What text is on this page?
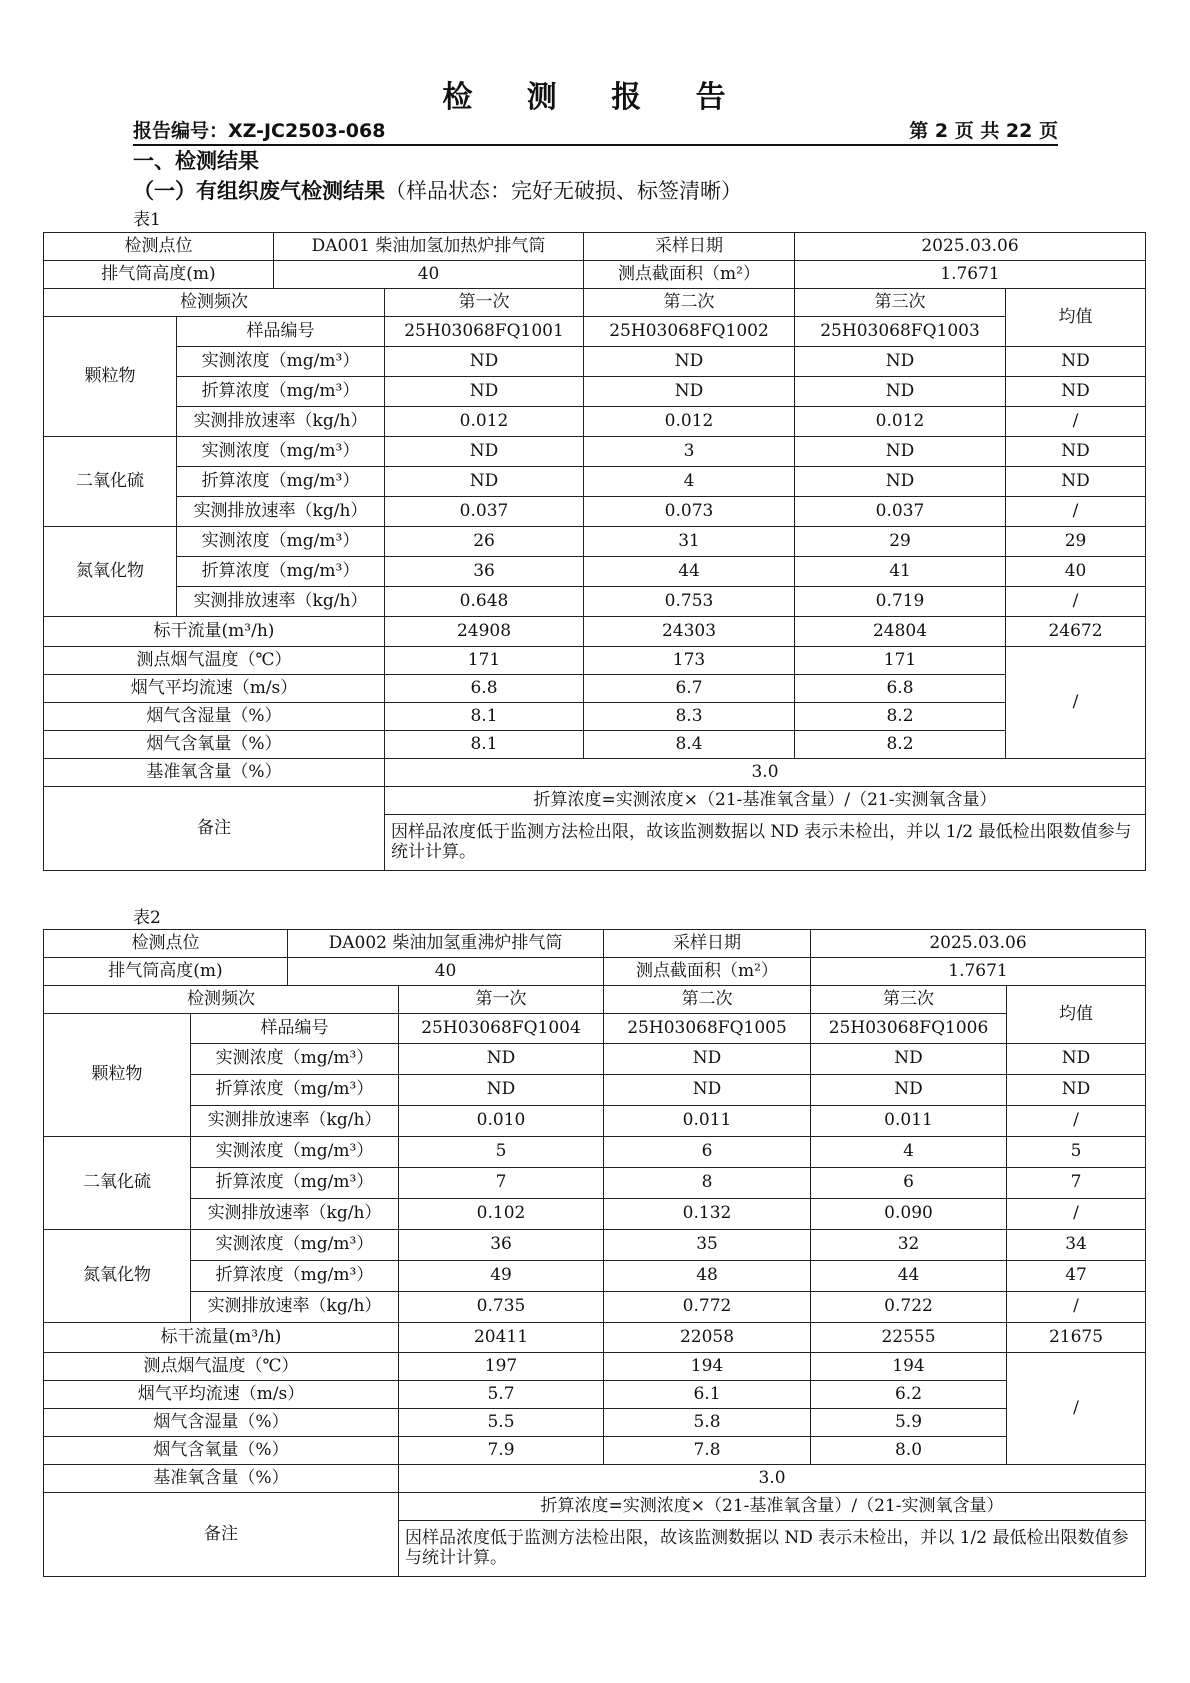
检 测 报 告
报告编号：XZ-JC2503-068	第 2 页 共 22 页
一、检测结果
（一）有组织废气检测结果（样品状态：完好无破损、标签清晰）
表1
表2
检测点位		DA001 柴油加氢加热炉排气筒		采样日期	2025.03.06	
排气筒高度(m)		40		测点截面积（m²）	1.7671	
检测频次			第一次	第二次	第三次	均值
颗粒物	样品编号		25H03068FQ1001	25H03068FQ1002	25H03068FQ1003	
	实测浓度（mg/m³）		ND	ND	ND	ND
	折算浓度（mg/m³）		ND	ND	ND	ND
	实测排放速率（kg/h）		0.012	0.012	0.012	/
二氧化硫	实测浓度（mg/m³）		ND	3	ND	ND
	折算浓度（mg/m³）		ND	4	ND	ND
	实测排放速率（kg/h）		0.037	0.073	0.037	/
氮氧化物	实测浓度（mg/m³）		26	31	29	29
	折算浓度（mg/m³）		36	44	41	40
	实测排放速率（kg/h）		0.648	0.753	0.719	/
标干流量(m³/h)			24908	24303	24804	24672
测点烟气温度（℃）			171	173	171	/
烟气平均流速（m/s）			6.8	6.7	6.8	
烟气含湿量（%）			8.1	8.3	8.2	
烟气含氧量（%）			8.1	8.4	8.2	
基准氧含量（%）			3.0			
备注			折算浓度=实测浓度×（21-基准氧含量）/（21-实测氧含量）			
			因样品浓度低于监测方法检出限，故该监测数据以 ND 表示未检出，并以 1/2 最低检出限数值参与统计计算。			
检测点位		DA002 柴油加氢重沸炉排气筒		采样日期	2025.03.06	
排气筒高度(m)		40		测点截面积（m²）	1.7671	
检测频次			第一次	第二次	第三次	均值
颗粒物	样品编号		25H03068FQ1004	25H03068FQ1005	25H03068FQ1006	
	实测浓度（mg/m³）		ND	ND	ND	ND
	折算浓度（mg/m³）		ND	ND	ND	ND
	实测排放速率（kg/h）		0.010	0.011	0.011	/
二氧化硫	实测浓度（mg/m³）		5	6	4	5
	折算浓度（mg/m³）		7	8	6	7
	实测排放速率（kg/h）		0.102	0.132	0.090	/
氮氧化物	实测浓度（mg/m³）		36	35	32	34
	折算浓度（mg/m³）		49	48	44	47
	实测排放速率（kg/h）		0.735	0.772	0.722	/
标干流量(m³/h)			20411	22058	22555	21675
测点烟气温度（℃）			197	194	194	/
烟气平均流速（m/s）			5.7	6.1	6.2	
烟气含湿量（%）			5.5	5.8	5.9	
烟气含氧量（%）			7.9	7.8	8.0	
基准氧含量（%）			3.0			
备注			折算浓度=实测浓度×（21-基准氧含量）/（21-实测氧含量）			
			因样品浓度低于监测方法检出限，故该监测数据以 ND 表示未检出，并以 1/2 最低检出限数值参与统计计算。			
